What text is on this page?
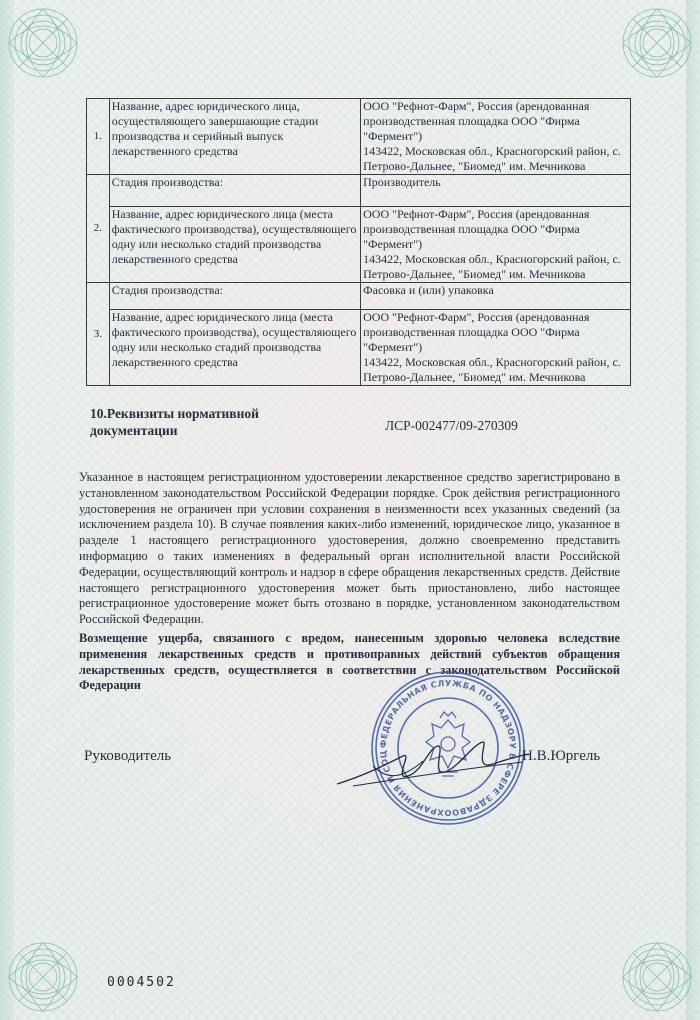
1.	Название, адрес юридического лица, осуществляющего завершающие стадии производства и серийный выпуск лекарственного средства	ООО "Рефнот-Фарм", Россия (арендованная производственная площадка ООО "Фирма "Фермент")
143422, Московская обл., Красногорский район, с. Петрово-Дальнее, "Биомед" им. Мечникова

2.	Стадия производства:	Производитель
	Название, адрес юридического лица (места фактического производства), осуществляющего одну или несколько стадий производства лекарственного средства	ООО "Рефнот-Фарм", Россия (арендованная производственная площадка ООО "Фирма "Фермент")
143422, Московская обл., Красногорский район, с. Петрово-Дальнее, "Биомед" им. Мечникова

3.	Стадия производства:	Фасовка и (или) упаковка
	Название, адрес юридического лица (места фактического производства), осуществляющего одну или несколько стадий производства лекарственного средства	ООО "Рефнот-Фарм", Россия (арендованная производственная площадка ООО "Фирма "Фермент")
143422, Московская обл., Красногорский район, с. Петрово-Дальнее, "Биомед" им. Мечникова
10.Реквизиты нормативной документации	ЛСР-002477/09-270309
Указанное в настоящем регистрационном удостоверении лекарственное средство зарегистрировано в установленном законодательством Российской Федерации порядке. Срок действия регистрационного удостоверения не ограничен при условии сохранения в неизменности всех указанных сведений (за исключением раздела 10). В случае появления каких-либо изменений, юридическое лицо, указанное в разделе 1 настоящего регистрационного удостоверения, должно своевременно представить информацию о таких изменениях в федеральный орган исполнительной власти Российской Федерации, осуществляющий контроль и надзор в сфере обращения лекарственных средств. Действие настоящего регистрационного удостоверения может быть приостановлено, либо настоящее регистрационное удостоверение может быть отозвано в порядке, установленном законодательством Российской Федерации.
Возмещение ущерба, связанного с вредом, нанесенным здоровью человека вследствие применения лекарственных средств и противоправных действий субъектов обращения лекарственных средств, осуществляется в соответствии с законодательством Российской Федерации
ФЕДЕРАЛЬНАЯ СЛУЖБА ПО НАДЗОРУ В СФЕРЕ ЗДРАВООХРАНЕНИЯ И СОЦ
Руководитель	Н.В.Юргель
0004502
